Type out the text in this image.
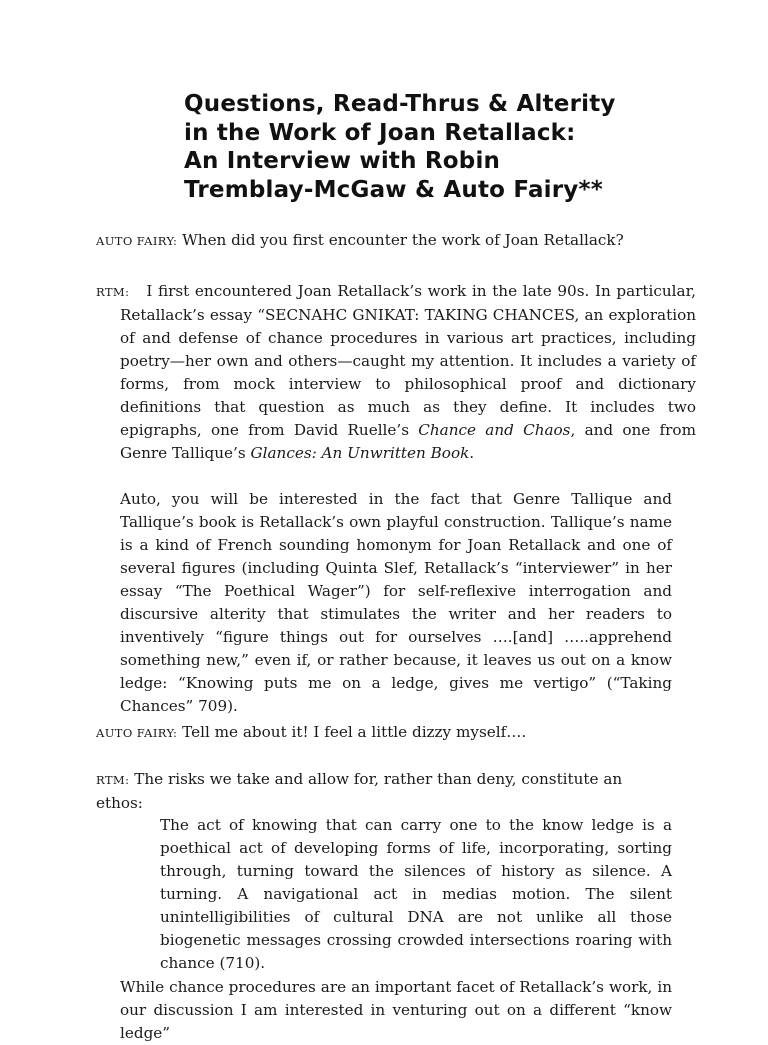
Questions, Read-Thrus & Alterity
in the Work of Joan Retallack:
An Interview with Robin
Tremblay-McGaw & Auto Fairy**

AUTO FAIRY: When did you first encounter the work of Joan Retallack?

RTM: I first encountered Joan Retallack’s work in the late 90s. In particular, Retallack’s essay “SECNAHC GNIKAT: TAKING CHANCES, an exploration of and defense of chance procedures in various art practices, including poetry—her own and others—caught my attention. It includes a variety of forms, from mock interview to philosophical proof and dictionary definitions that question as much as they define. It includes two epigraphs, one from David Ruelle’s Chance and Chaos, and one from Genre Tallique’s Glances: An Unwritten Book.

Auto, you will be interested in the fact that Genre Tallique and Tallique’s book is Retallack’s own playful construction. Tallique’s name is a kind of French sounding homonym for Joan Retallack and one of several figures (including Quinta Slef, Retallack’s “interviewer” in her essay “The Poethical Wager”) for self-reflexive interrogation and discursive alterity that stimulates the writer and her readers to inventively “figure things out for ourselves ….[and] …..apprehend something new,” even if, or rather because, it leaves us out on a know ledge: “Knowing puts me on a ledge, gives me vertigo” (“Taking Chances” 709).

AUTO FAIRY: Tell me about it! I feel a little dizzy myself….

RTM: The risks we take and allow for, rather than deny, constitute an ethos:

The act of knowing that can carry one to the know ledge is a poethical act of developing forms of life, incorporating, sorting through, turning toward the silences of history as silence. A turning. A navigational act in medias motion. The silent unintelligibilities of cultural DNA are not unlike all those biogenetic messages crossing crowded intersections roaring with chance (710).

While chance procedures are an important facet of Retallack’s work, in our discussion I am interested in venturing out on a different “know ledge”
